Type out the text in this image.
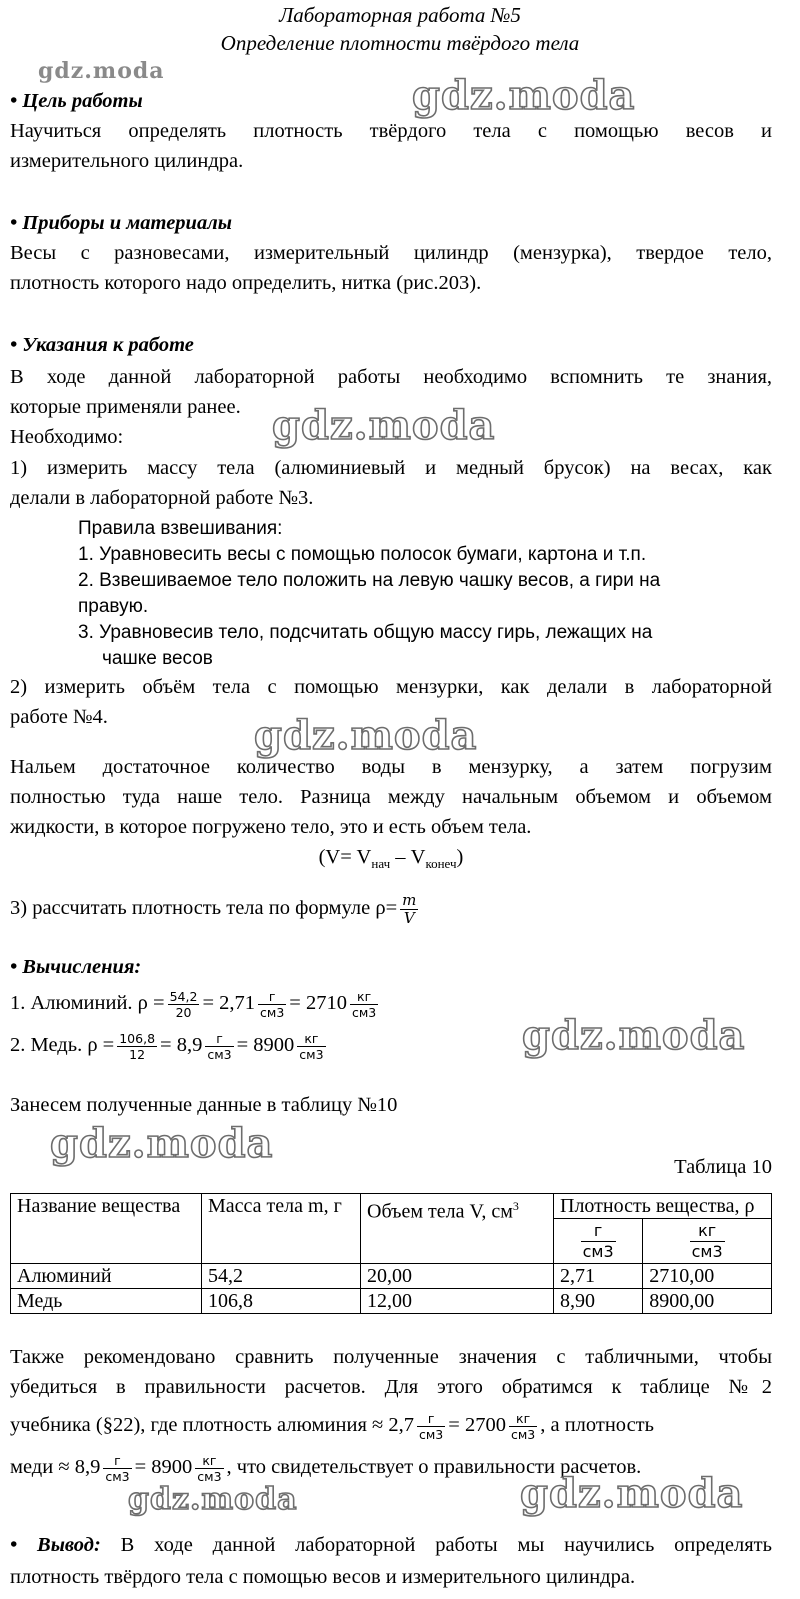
Лабораторная работа №5
Определение плотности твёрдого тела
• Цель работы
Научиться определять плотность твёрдого тела с помощью весов и
измерительного цилиндра.
• Приборы и материалы
Весы с разновесами, измерительный цилиндр (мензурка), твердое тело,
плотность которого надо определить, нитка (рис.203).
• Указания к работе
В ходе данной лабораторной работы необходимо вспомнить те знания,
которые применяли ранее.
Необходимо:
1) измерить массу тела (алюминиевый и медный брусок) на весах, как
делали в лабораторной работе №3.
Правила взвешивания:
1. Уравновесить весы с помощью полосок бумаги, картона и т.п.
2. Взвешиваемое тело положить на левую чашку весов, а гири на
правую.
3. Уравновесив тело, подсчитать общую массу гирь, лежащих на
чашке весов
2) измерить объём тела с помощью мензурки, как делали в лабораторной
работе №4.
Нальем достаточное количество воды в мензурку, а затем погрузим
полностью туда наше тело. Разница между начальным объемом и объемом
жидкости, в которое погружено тело, это и есть объем тела.
$(V= V_{нач} - V_{конеч})$
3) рассчитать плотность тела по формуле $\rho= \frac{m}{V}$
• Вычисления:
1. Алюминий. $\rho = \frac{54,2}{20} = 2,71 \frac{г}{см3} = 2710 \frac{кг}{см3}$
2. Медь. $\rho = \frac{106,8}{12} = 8,9 \frac{г}{см3} = 8900 \frac{кг}{см3}$
Занесем полученные данные в таблицу №10
Таблица 10
Название вещества	Масса тела m, г	Объем тела V, $см^3$	Плотность вещества, ρ	

			$\frac{г}{см3}$	$\frac{кг}{см3}$

Алюминий	54,2	20,00	2,71	2710,00
Медь	106,8	12,00	8,90	8900,00
Также рекомендовано сравнить полученные значения с табличными, чтобы
убедиться в правильности расчетов. Для этого обратимся к таблице №2
учебника (§22), где плотность алюминия ≈ $2,7 \frac{г}{см3} = 2700 \frac{кг}{см3}$ , а плотность
меди ≈ $8,9 \frac{г}{см3} = 8900 \frac{кг}{см3}$ , что свидетельствует о правильности расчетов.
• Вывод: В ходе данной лабораторной работы мы научились определять
плотность твёрдого тела с помощью весов и измерительного цилиндра.
gdz.moda
gdz.moda
gdz.moda
gdz.moda
gdz.moda
gdz.moda
gdz.moda	gdz.moda
